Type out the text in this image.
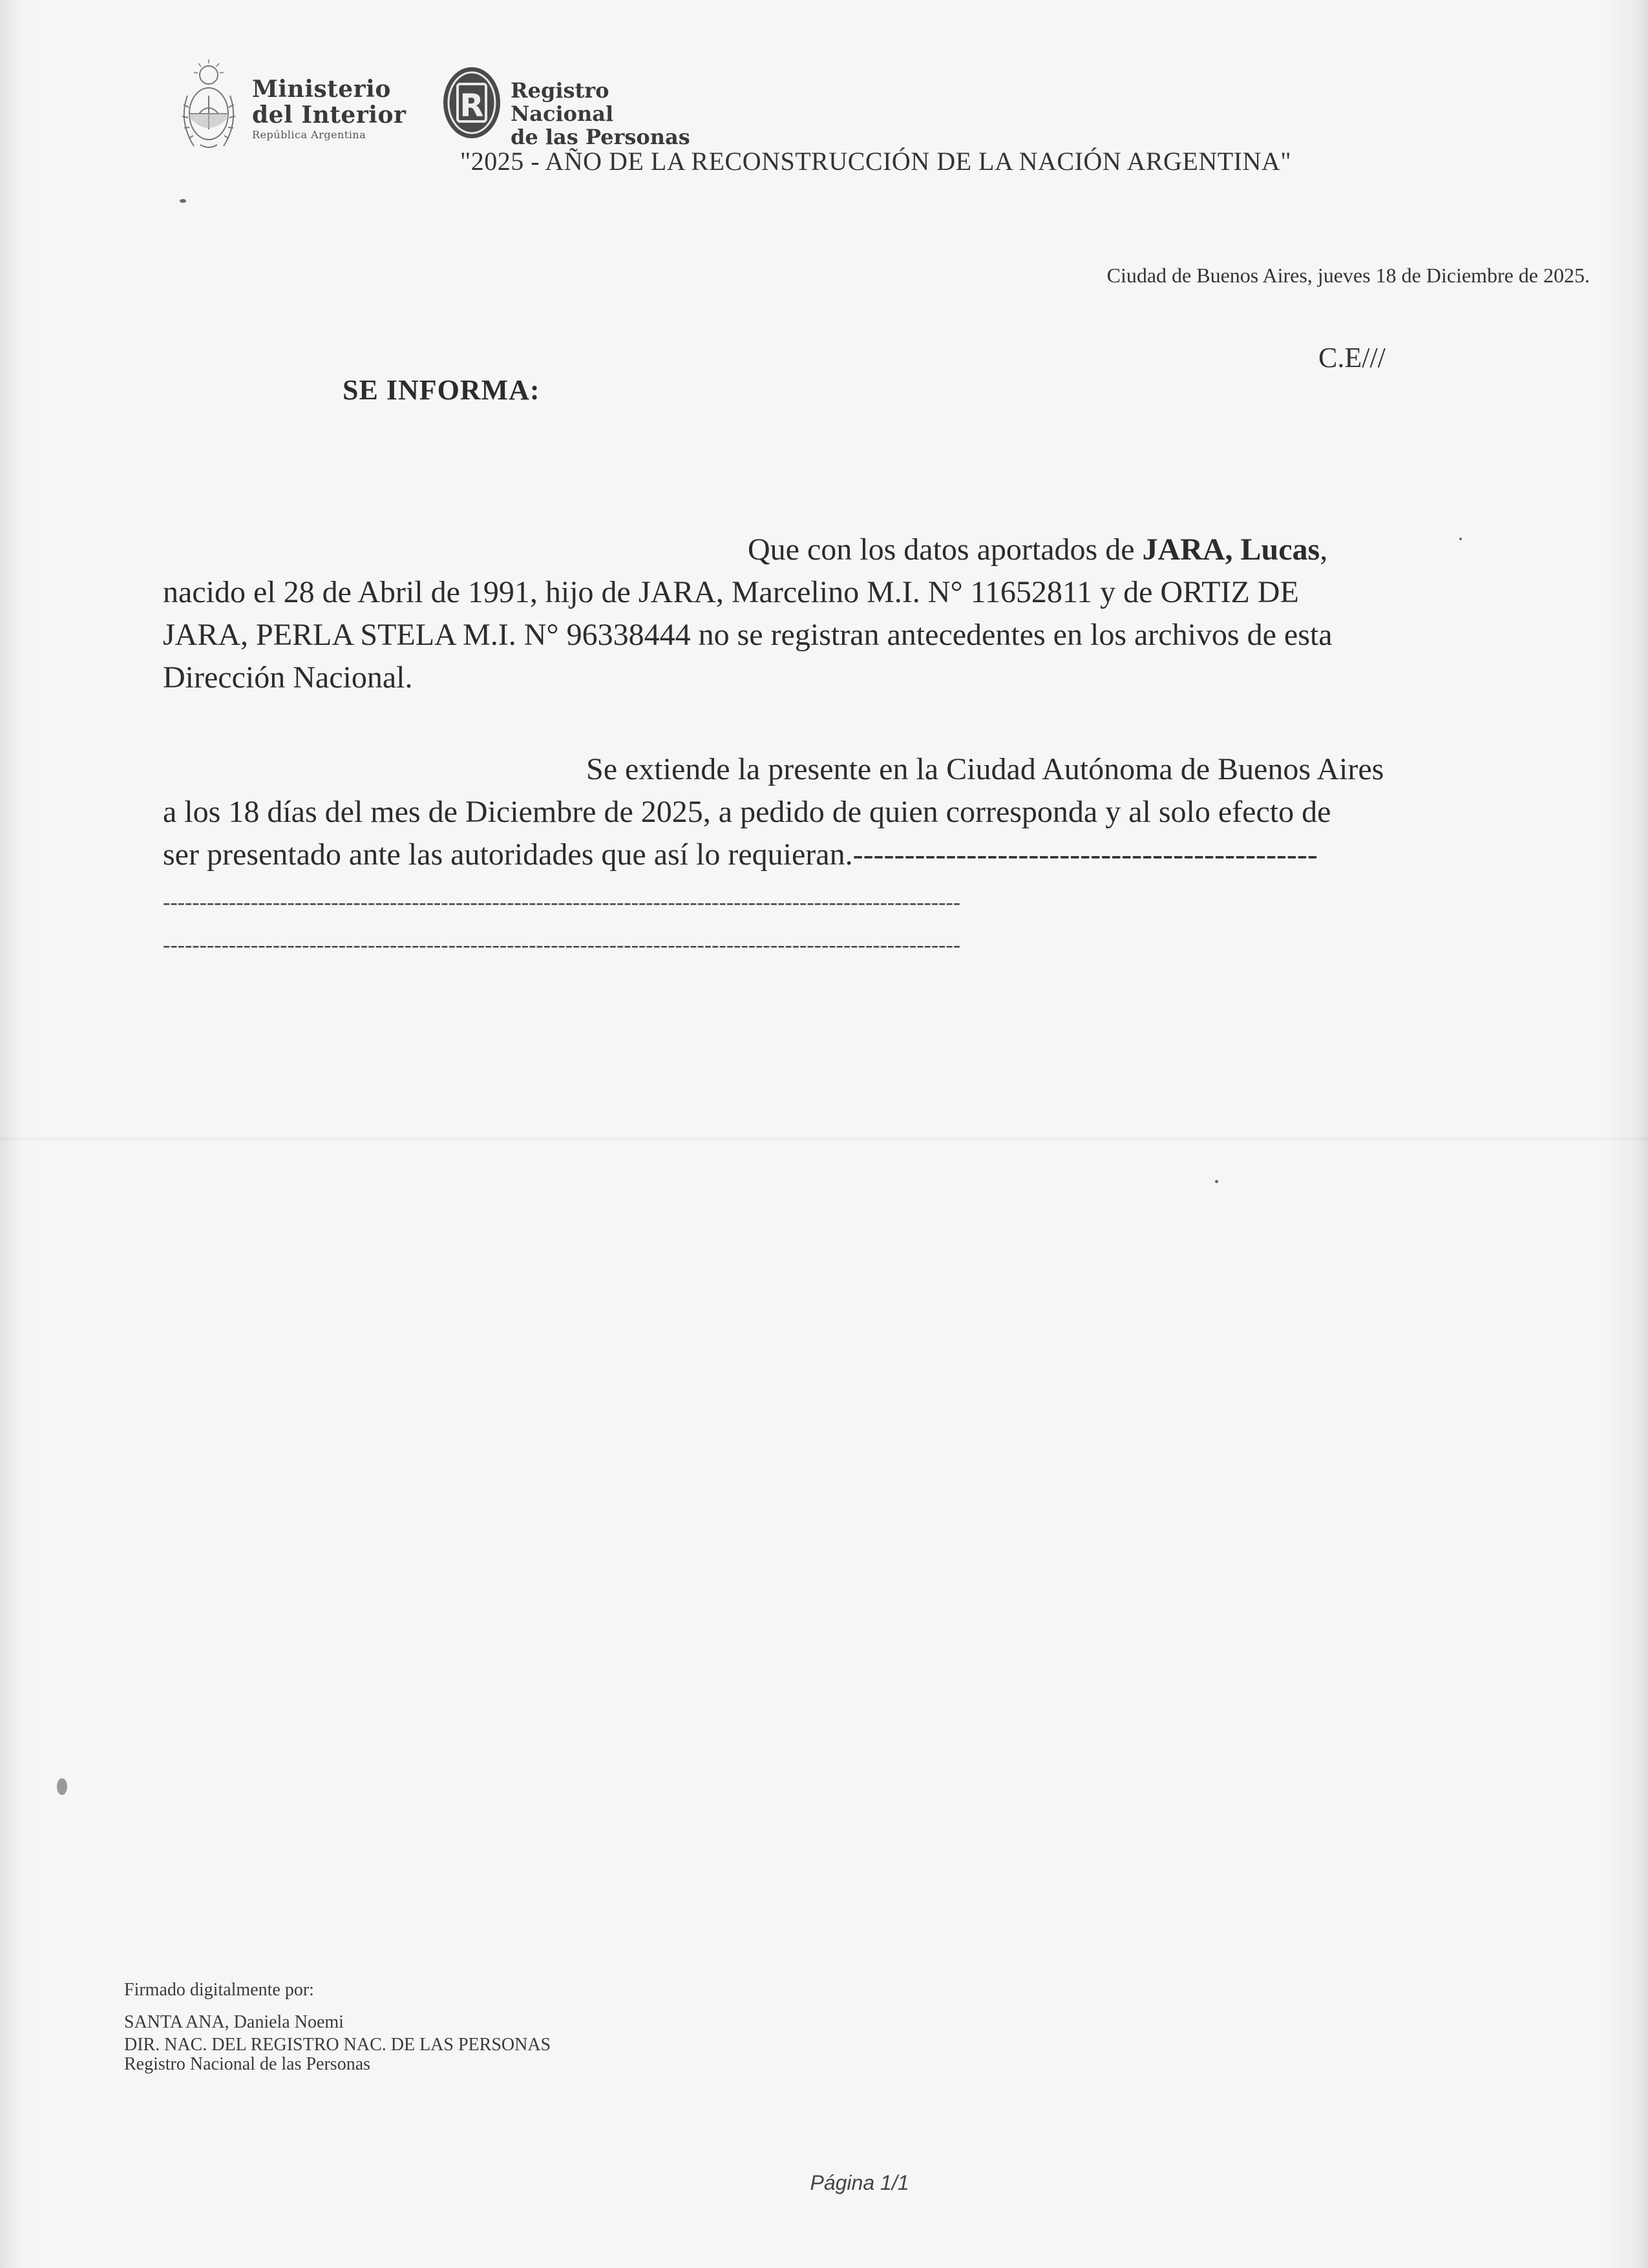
Ministerio
del Interior
República Argentina
R Registro Nacional
de las Personas
"2025 - AÑO DE LA RECONSTRUCCIÓN DE LA NACIÓN ARGENTINA"
Ciudad de Buenos Aires, jueves 18 de Diciembre de 2025.
C.E///
SE INFORMA:
Que con los datos aportados de JARA, Lucas,
nacido el 28 de Abril de 1991, hijo de JARA, Marcelino M.I. N° 11652811 y de ORTIZ DE
JARA, PERLA STELA M.I. N° 96338444 no se registran antecedentes en los archivos de esta
Dirección Nacional.
Se extiende la presente en la Ciudad Autónoma de Buenos Aires
a los 18 días del mes de Diciembre de 2025, a pedido de quien corresponda y al solo efecto de
ser presentado ante las autoridades que así lo requieran.---------------------------------------------
-------------------------------------------------------------------------------------------------------------
-------------------------------------------------------------------------------------------------------------
Firmado digitalmente por:
SANTA ANA, Daniela Noemi
DIR. NAC. DEL REGISTRO NAC. DE LAS PERSONAS
Registro Nacional de las Personas
Página 1/1
